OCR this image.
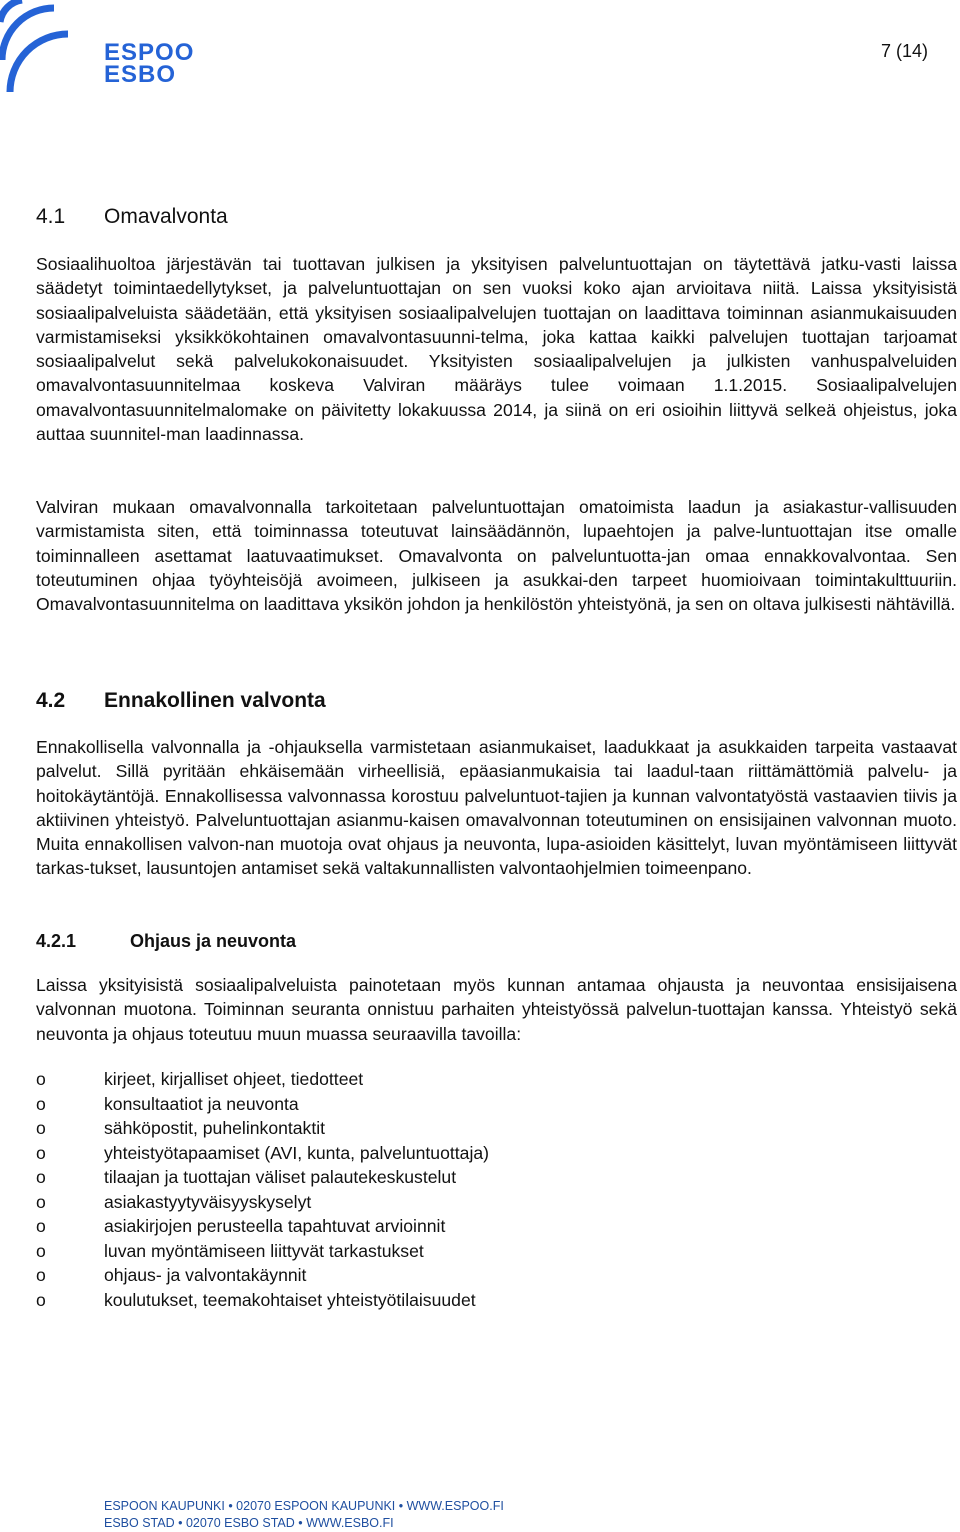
ESPOO
ESBO
7 (14)
4.1 Omavalvonta

Sosiaalihuoltoa järjestävän tai tuottavan julkisen ja yksityisen palveluntuottajan on täytettävä jatku-vasti laissa säädetyt toimintaedellytykset, ja palveluntuottajan on sen vuoksi koko ajan arvioitava niitä. Laissa yksityisistä sosiaalipalveluista säädetään, että yksityisen sosiaalipalvelujen tuottajan on laadittava toiminnan asianmukaisuuden varmistamiseksi yksikkökohtainen omavalvontasuunni-telma, joka kattaa kaikki palvelujen tuottajan tarjoamat sosiaalipalvelut sekä palvelukokonaisuudet. Yksityisten sosiaalipalvelujen ja julkisten vanhuspalveluiden omavalvontasuunnitelmaa koskeva Valviran määräys tulee voimaan 1.1.2015. Sosiaalipalvelujen omavalvontasuunnitelmalomake on päivitetty lokakuussa 2014, ja siinä on eri osioihin liittyvä selkeä ohjeistus, joka auttaa suunnitel-man laadinnassa.

Valviran mukaan omavalvonnalla tarkoitetaan palveluntuottajan omatoimista laadun ja asiakastur-vallisuuden varmistamista siten, että toiminnassa toteutuvat lainsäädännön, lupaehtojen ja palve-luntuottajan itse omalle toiminnalleen asettamat laatuvaatimukset. Omavalvonta on palveluntuotta-jan omaa ennakkovalvontaa. Sen toteutuminen ohjaa työyhteisöjä avoimeen, julkiseen ja asukkai-den tarpeet huomioivaan toimintakulttuuriin. Omavalvontasuunnitelma on laadittava yksikön johdon ja henkilöstön yhteistyönä, ja sen on oltava julkisesti nähtävillä.

4.2 Ennakollinen valvonta

Ennakollisella valvonnalla ja -ohjauksella varmistetaan asianmukaiset, laadukkaat ja asukkaiden tarpeita vastaavat palvelut. Sillä pyritään ehkäisemään virheellisiä, epäasianmukaisia tai laadul-taan riittämättömiä palvelu- ja hoitokäytäntöjä. Ennakollisessa valvonnassa korostuu palveluntuot-tajien ja kunnan valvontatyöstä vastaavien tiivis ja aktiivinen yhteistyö. Palveluntuottajan asianmu-kaisen omavalvonnan toteutuminen on ensisijainen valvonnan muoto. Muita ennakollisen valvon-nan muotoja ovat ohjaus ja neuvonta, lupa-asioiden käsittelyt, luvan myöntämiseen liittyvät tarkas-tukset, lausuntojen antamiset sekä valtakunnallisten valvontaohjelmien toimeenpano.

4.2.1	Ohjaus ja neuvonta

Laissa yksityisistä sosiaalipalveluista painotetaan myös kunnan antamaa ohjausta ja neuvontaa ensisijaisena valvonnan muotona. Toiminnan seuranta onnistuu parhaiten yhteistyössä palvelun-tuottajan kanssa. Yhteistyö sekä neuvonta ja ohjaus toteutuu muun muassa seuraavilla tavoilla:

o	kirjeet, kirjalliset ohjeet, tiedotteet
o	konsultaatiot ja neuvonta
o	sähköpostit, puhelinkontaktit
o	yhteistyötapaamiset (AVI, kunta, palveluntuottaja)
o	tilaajan ja tuottajan väliset palautekeskustelut
o	asiakastyytyväisyyskyselyt
o	asiakirjojen perusteella tapahtuvat arvioinnit
o	luvan myöntämiseen liittyvät tarkastukset
o	ohjaus- ja valvontakäynnit
o	koulutukset, teemakohtaiset yhteistyötilaisuudet
ESPOON KAUPUNKI • 02070 ESPOON KAUPUNKI • WWW.ESPOO.FI
ESBO STAD • 02070 ESBO STAD • WWW.ESBO.FI
